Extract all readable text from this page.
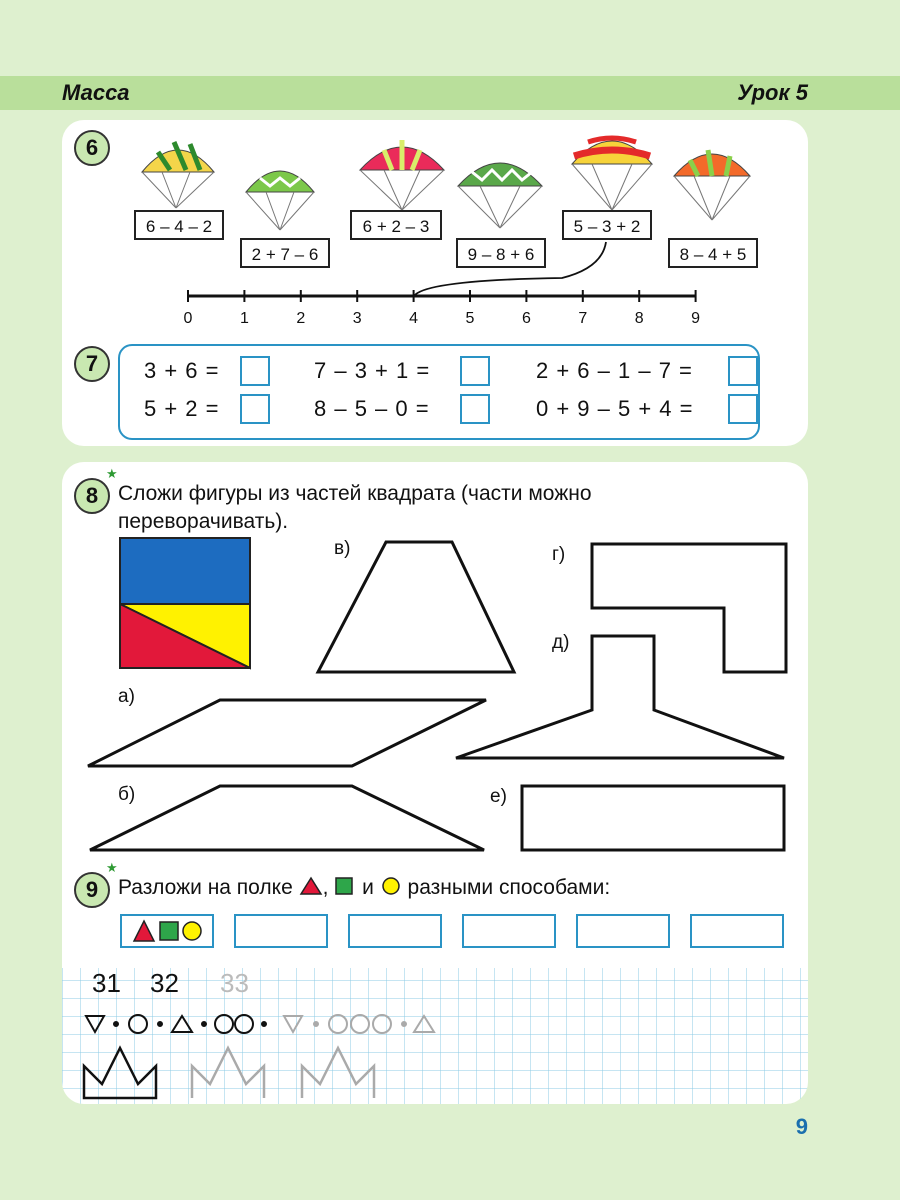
Масса	Урок 5
6
6 – 4 – 2
2 + 7 – 6
6 + 2 – 3
9 – 8 + 6
5 – 3 + 2
8 – 4 + 5
0	1	2	3	4	5	6	7	8	9
7	3 + 6 =	7 – 3 + 1 =	2 + 6 – 1 – 7 =
5 + 2 =	8 – 5 – 0 =	0 + 9 – 5 + 4 =
8
★
Сложи фигуры из частей квадрата (части можно переворачивать).
в)	г)
д)
а)
б)	е)
9
★
Разложи на полке ,  и разными способами:
31 32 33
9
